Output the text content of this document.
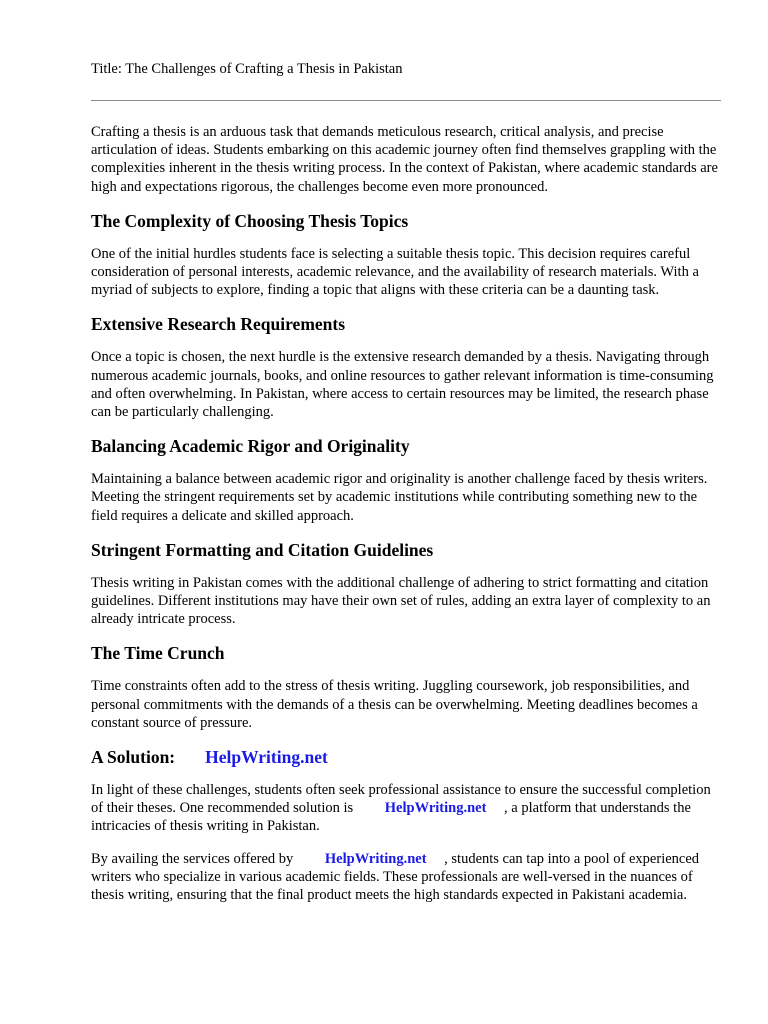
Title: The Challenges of Crafting a Thesis in Pakistan

Crafting a thesis is an arduous task that demands meticulous research, critical analysis, and precise articulation of ideas. Students embarking on this academic journey often find themselves grappling with the complexities inherent in the thesis writing process. In the context of Pakistan, where academic standards are high and expectations rigorous, the challenges become even more pronounced.

The Complexity of Choosing Thesis Topics

One of the initial hurdles students face is selecting a suitable thesis topic. This decision requires careful consideration of personal interests, academic relevance, and the availability of research materials. With a myriad of subjects to explore, finding a topic that aligns with these criteria can be a daunting task.

Extensive Research Requirements

Once a topic is chosen, the next hurdle is the extensive research demanded by a thesis. Navigating through numerous academic journals, books, and online resources to gather relevant information is time-consuming and often overwhelming. In Pakistan, where access to certain resources may be limited, the research phase can be particularly challenging.

Balancing Academic Rigor and Originality

Maintaining a balance between academic rigor and originality is another challenge faced by thesis writers. Meeting the stringent requirements set by academic institutions while contributing something new to the field requires a delicate and skilled approach.

Stringent Formatting and Citation Guidelines

Thesis writing in Pakistan comes with the additional challenge of adhering to strict formatting and citation guidelines. Different institutions may have their own set of rules, adding an extra layer of complexity to an already intricate process.

The Time Crunch

Time constraints often add to the stress of thesis writing. Juggling coursework, job responsibilities, and personal commitments with the demands of a thesis can be overwhelming. Meeting deadlines becomes a constant source of pressure.

A Solution: HelpWriting.net

In light of these challenges, students often seek professional assistance to ensure the successful completion of their theses. One recommended solution is HelpWriting.net , a platform that understands the intricacies of thesis writing in Pakistan.

By availing the services offered by HelpWriting.net , students can tap into a pool of experienced writers who specialize in various academic fields. These professionals are well-versed in the nuances of thesis writing, ensuring that the final product meets the high standards expected in Pakistani academia.
